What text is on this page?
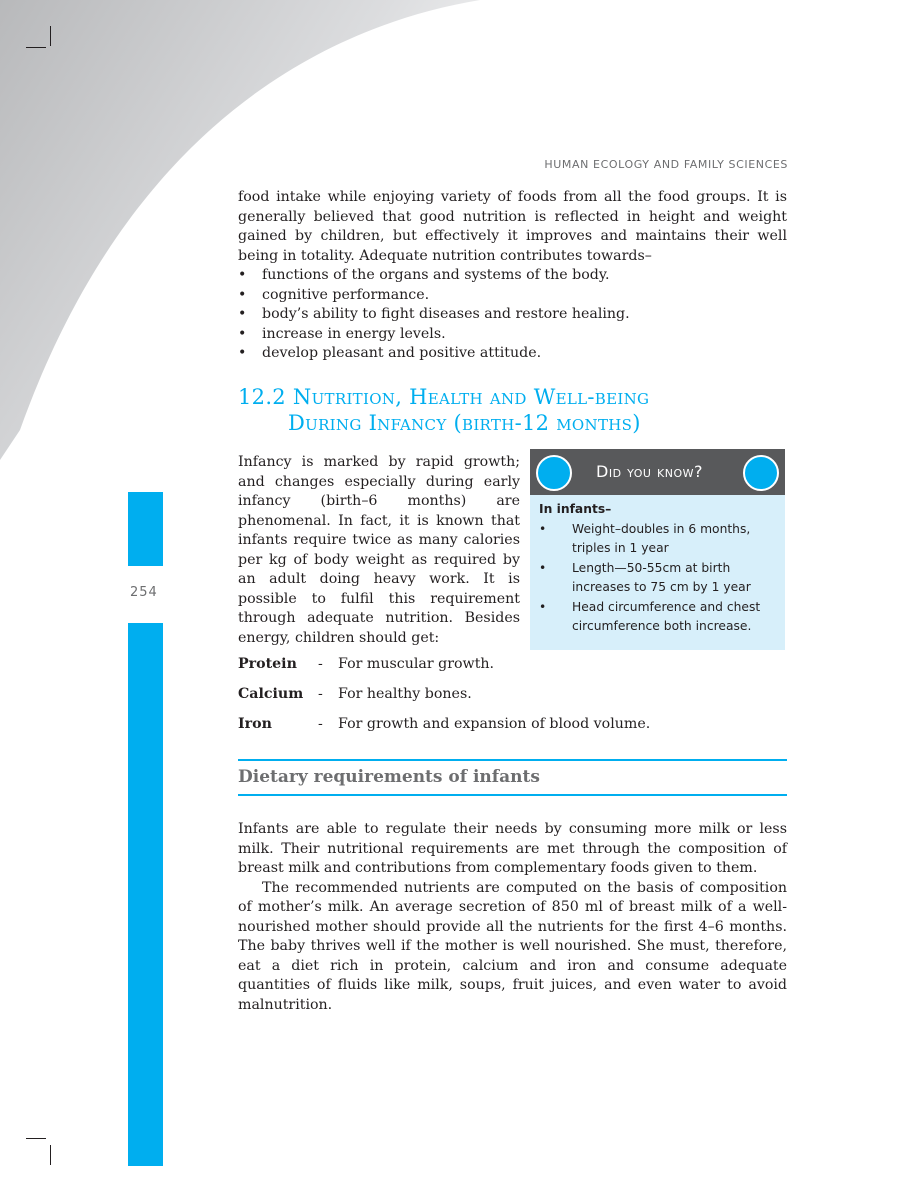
HUMAN ECOLOGY AND FAMILY SCIENCES
254

food intake while enjoying variety of foods from all the food groups. It is generally believed that good nutrition is reflected in height and weight gained by children, but effectively it improves and maintains their well being in totality. Adequate nutrition contributes towards–

• functions of the organs and systems of the body.
• cognitive performance.
• body’s ability to fight diseases and restore healing.
• increase in energy levels.
• develop pleasant and positive attitude.
12.2 Nutrition, Health and Well-being
During Infancy (birth-12 months)

Infancy is marked by rapid growth; and changes especially during early infancy (birth–6 months) are phenomenal. In fact, it is known that infants require twice as many calories per kg of body weight as required by an adult doing heavy work. It is possible to fulfil this requirement through adequate nutrition. Besides energy, children should get:

Did you know?

In infants–

• Weight–doubles in 6 months, triples in 1 year
• Length—50-55cm at birth increases to 75 cm by 1 year
• Head circumference and chest circumference both increase.
Protein	-	For muscular growth.
Calcium	-	For healthy bones.
Iron	-	For growth and expansion of blood volume.
Dietary requirements of infants

Infants are able to regulate their needs by consuming more milk or less milk. Their nutritional requirements are met through the composition of breast milk and contributions from complementary foods given to them.

The recommended nutrients are computed on the basis of composition of mother’s milk. An average secretion of 850 ml of breast milk of a well-nourished mother should provide all the nutrients for the first 4–6 months. The baby thrives well if the mother is well nourished. She must, therefore, eat a diet rich in protein, calcium and iron and consume adequate quantities of fluids like milk, soups, fruit juices, and even water to avoid malnutrition.
